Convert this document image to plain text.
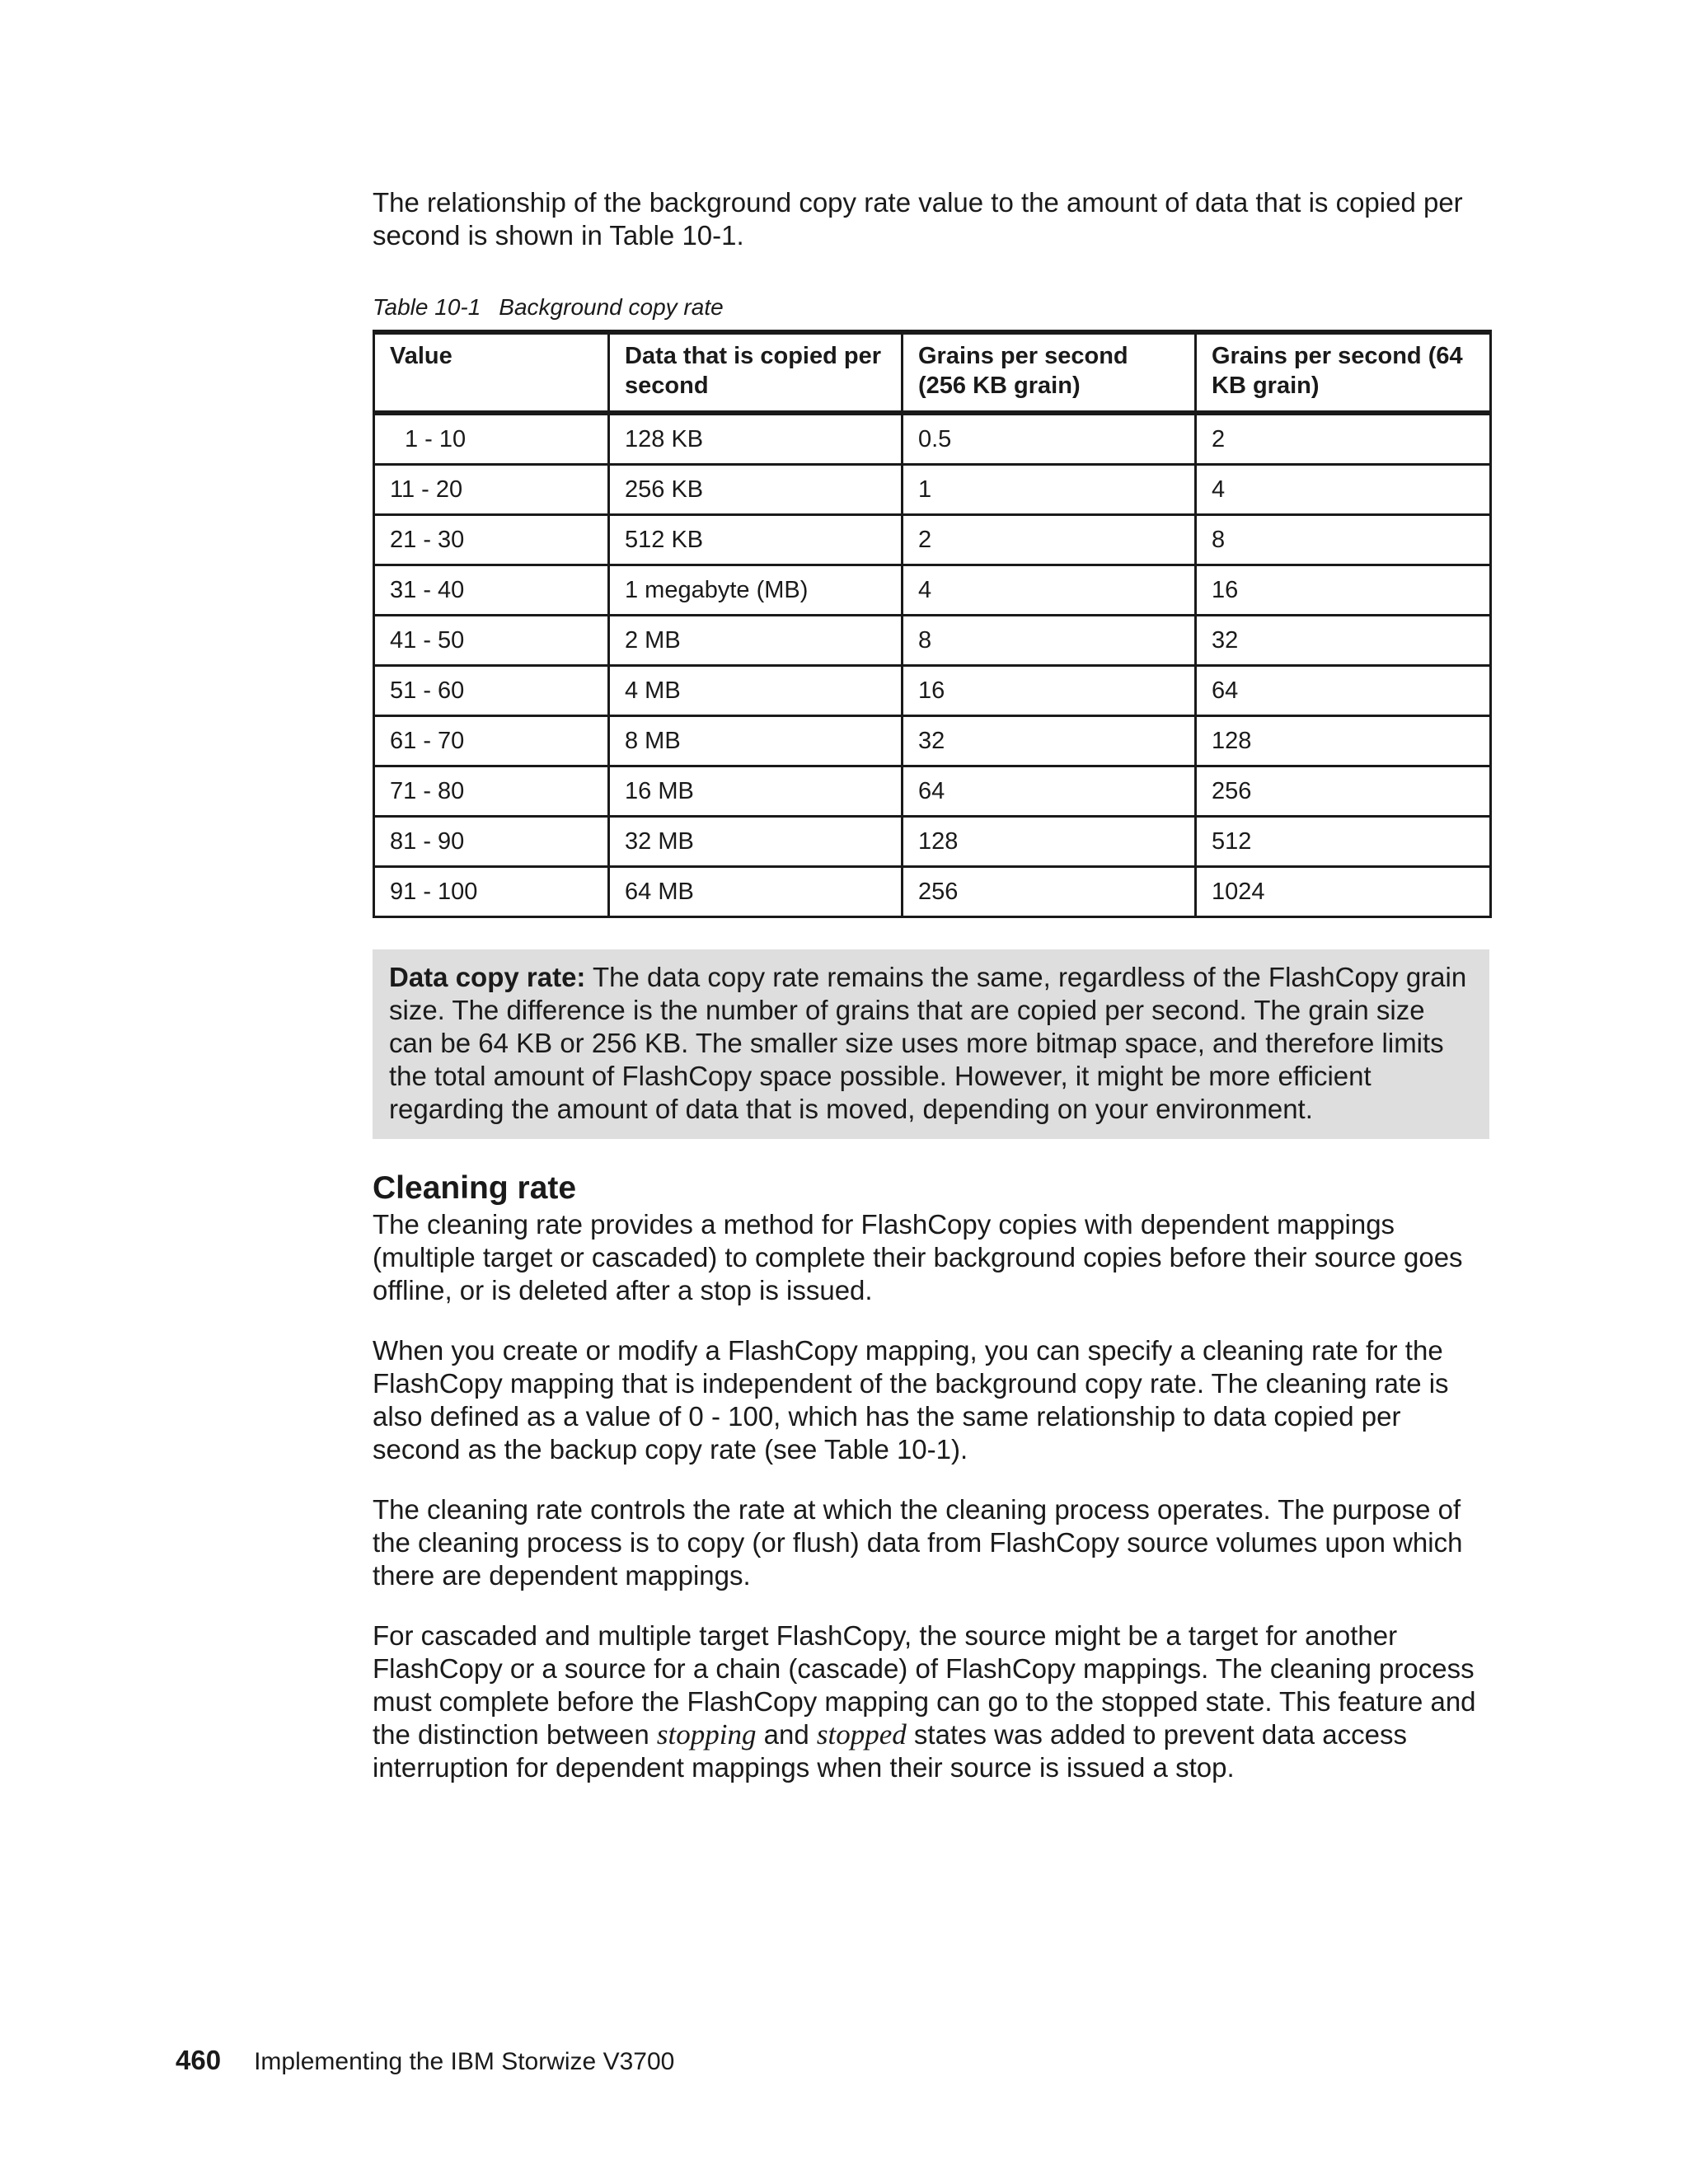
The relationship of the background copy rate value to the amount of data that is copied per second is shown in Table 10-1.

Table 10-1 Background copy rate
Value	Data that is copied per second	Grains per second (256 KB grain)	Grains per second (64 KB grain)
1 - 10	128 KB	0.5	2
11 - 20	256 KB	1	4
21 - 30	512 KB	2	8
31 - 40	1 megabyte (MB)	4	16
41 - 50	2 MB	8	32
51 - 60	4 MB	16	64
61 - 70	8 MB	32	128
71 - 80	16 MB	64	256
81 - 90	32 MB	128	512
91 - 100	64 MB	256	1024
Data copy rate: The data copy rate remains the same, regardless of the FlashCopy grain size. The difference is the number of grains that are copied per second. The grain size can be 64 KB or 256 KB. The smaller size uses more bitmap space, and therefore limits the total amount of FlashCopy space possible. However, it might be more efficient regarding the amount of data that is moved, depending on your environment.
Cleaning rate

The cleaning rate provides a method for FlashCopy copies with dependent mappings (multiple target or cascaded) to complete their background copies before their source goes offline, or is deleted after a stop is issued.

When you create or modify a FlashCopy mapping, you can specify a cleaning rate for the FlashCopy mapping that is independent of the background copy rate. The cleaning rate is also defined as a value of 0 - 100, which has the same relationship to data copied per second as the backup copy rate (see Table 10-1).

The cleaning rate controls the rate at which the cleaning process operates. The purpose of the cleaning process is to copy (or flush) data from FlashCopy source volumes upon which there are dependent mappings.

For cascaded and multiple target FlashCopy, the source might be a target for another FlashCopy or a source for a chain (cascade) of FlashCopy mappings. The cleaning process must complete before the FlashCopy mapping can go to the stopped state. This feature and the distinction between stopping and stopped states was added to prevent data access interruption for dependent mappings when their source is issued a stop.

460 Implementing the IBM Storwize V3700
